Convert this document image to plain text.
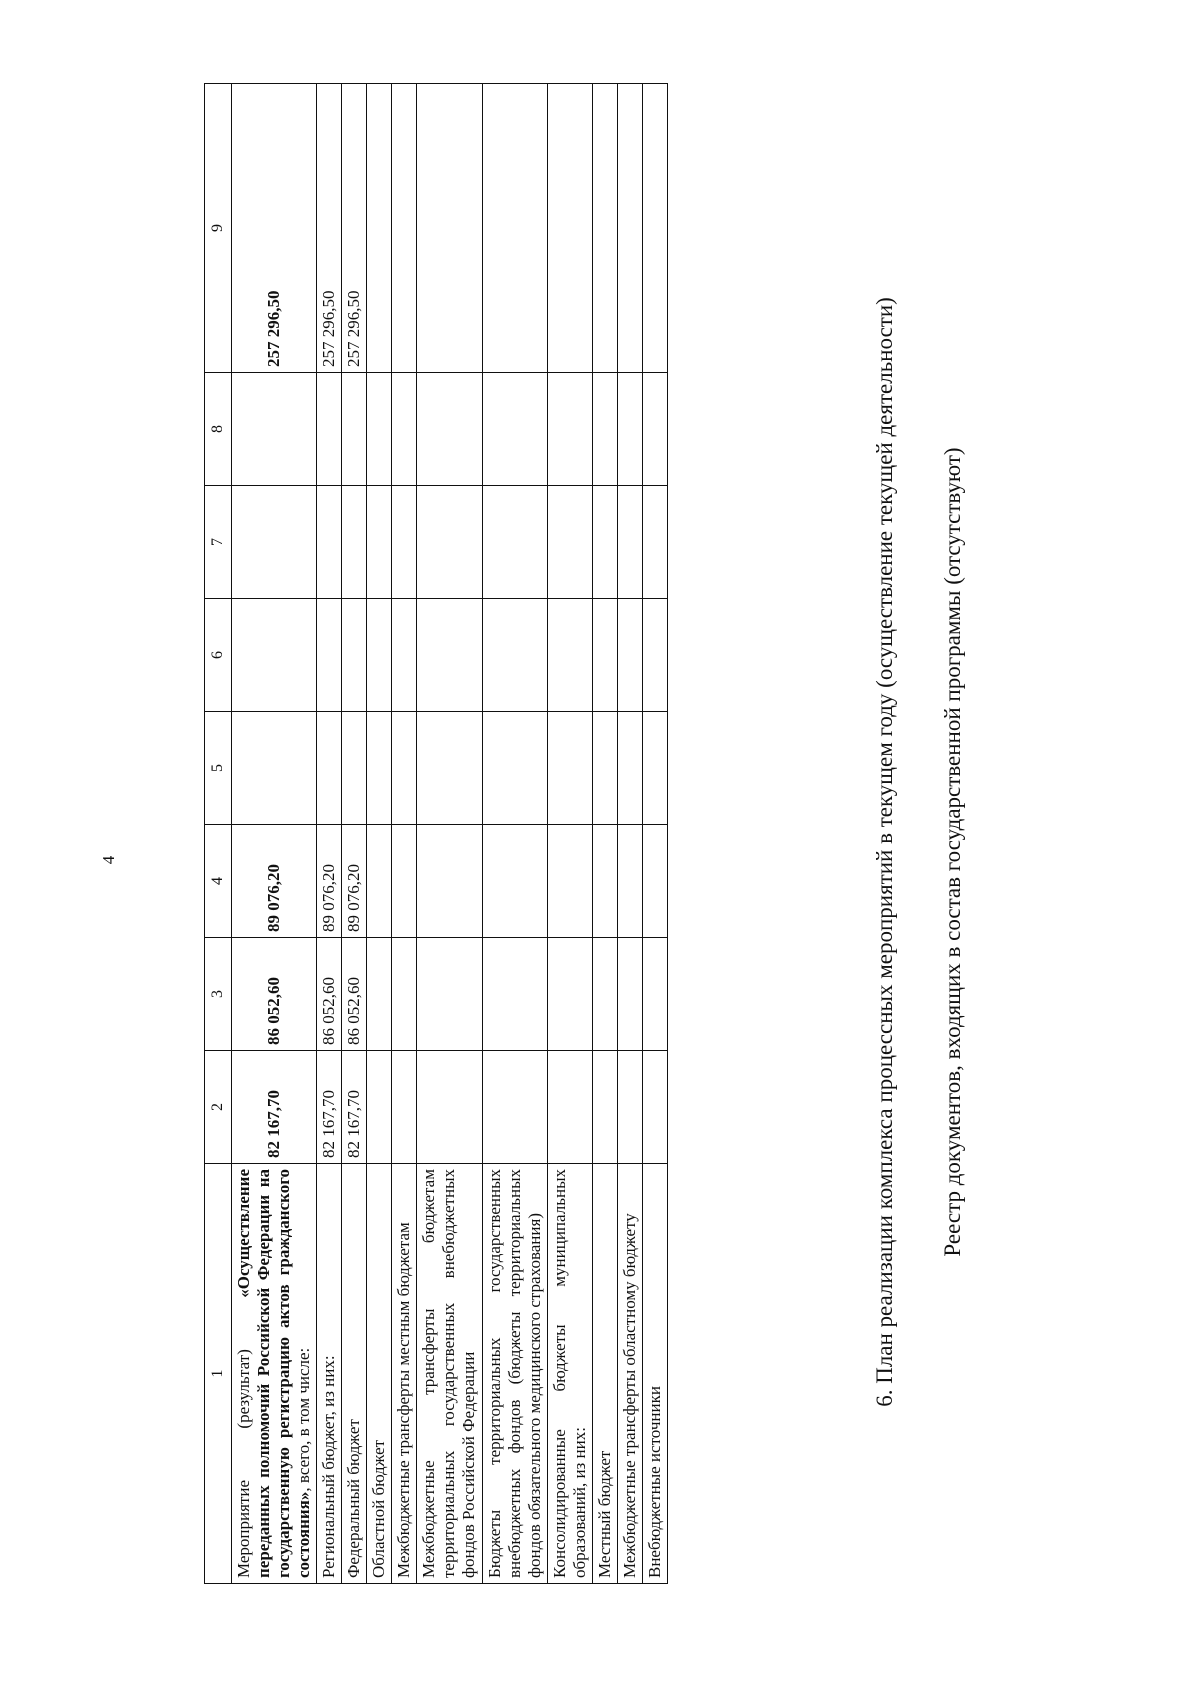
4
1	2	3	4	5	6	7	8	9
Мероприятие (результат) «Осуществление переданных полномочий Российской Федерации на государственную регистрацию актов гражданского состояния», всего, в том числе:	82 167,70	86 052,60	89 076,20					257 296,50
Региональный бюджет, из них:	82 167,70	86 052,60	89 076,20					257 296,50
Федеральный бюджет	82 167,70	86 052,60	89 076,20					257 296,50
Областной бюджет								
Межбюджетные трансферты местным бюджетам								
Межбюджетные трансферты бюджетам территориальных государственных внебюджетных фондов Российской Федерации								
Бюджеты территориальных государственных внебюджетных фондов (бюджеты территориальных фондов обязательного медицинского страхования)								
Консолидированные бюджеты муниципальных образований, из них:								
Местный бюджет								
Межбюджетные трансферты областному бюджету								
Внебюджетные источники								
6. План реализации комплекса процессных мероприятий в текущем году (осуществление текущей деятельности) Реестр документов, входящих в состав государственной программы (отсутствуют)
